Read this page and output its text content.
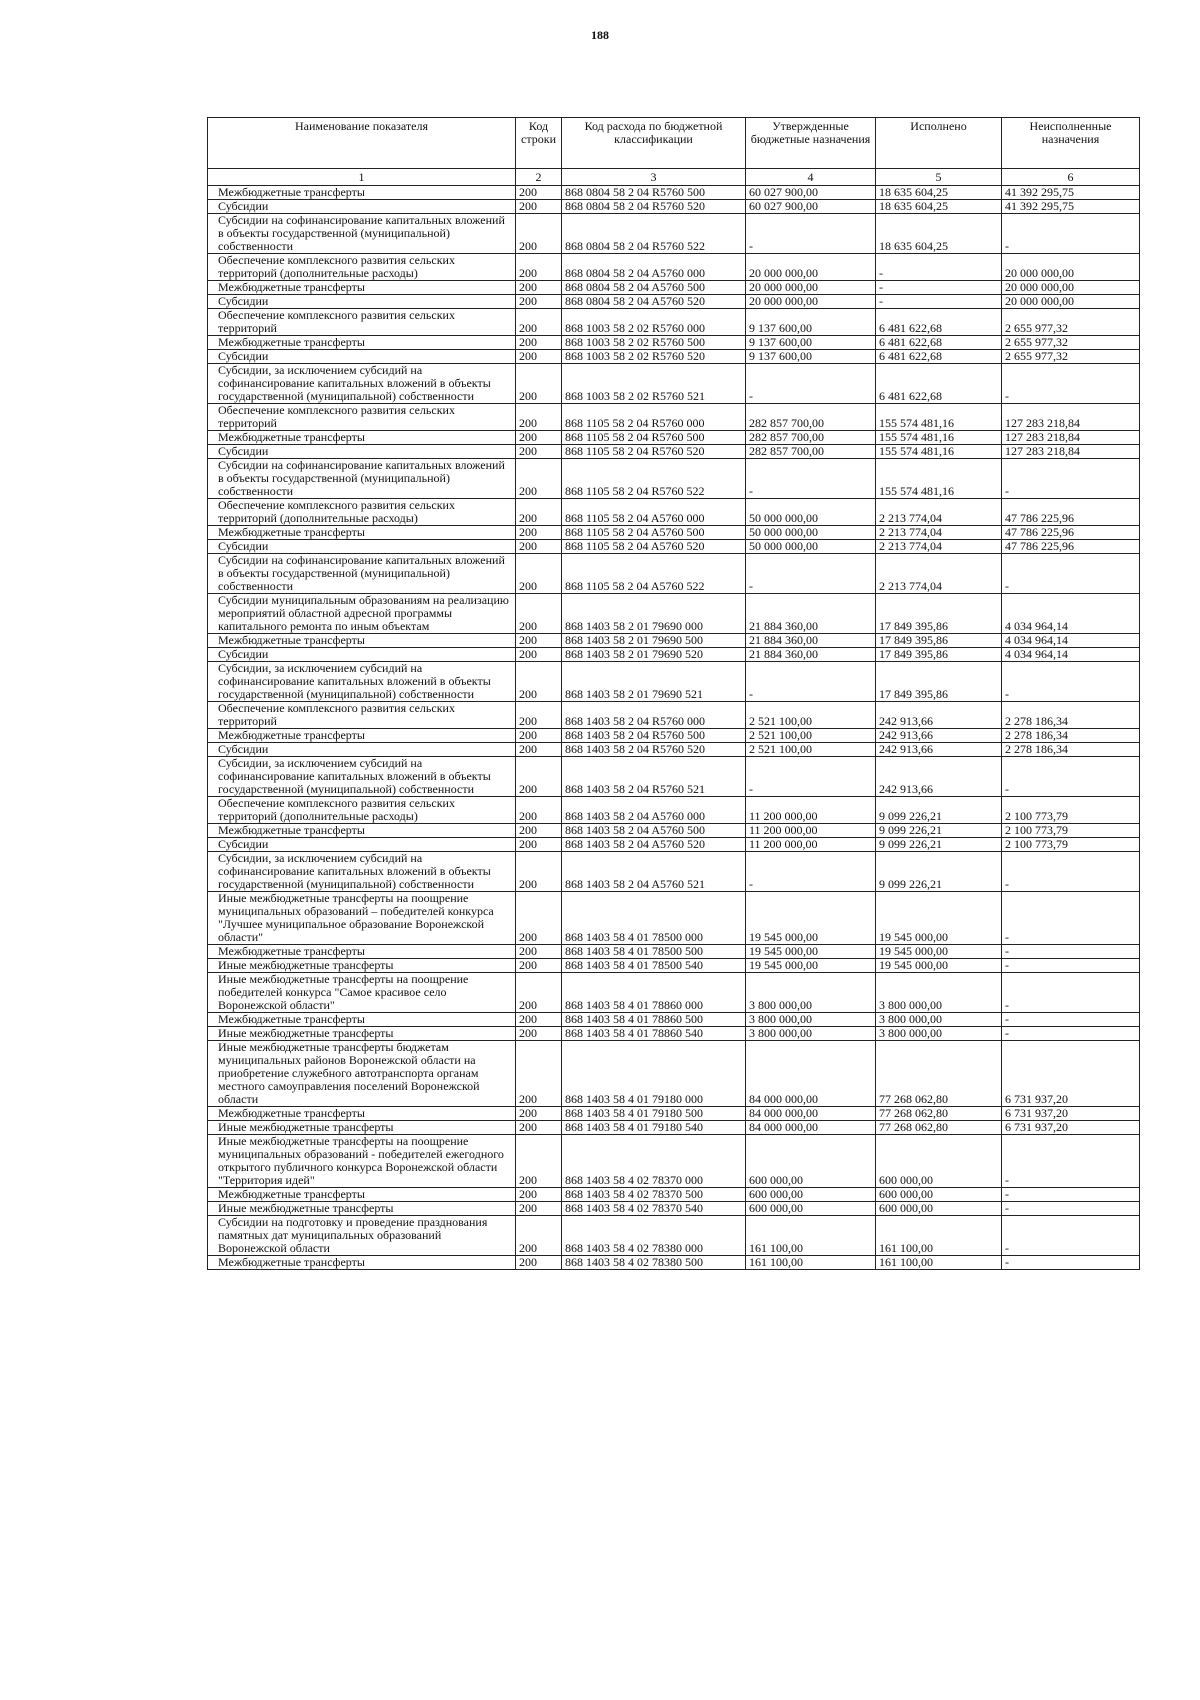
188
Наименование показателя	Код строки	Код расхода по бюджетной классификации	Утвержденные бюджетные назначения	Исполнено	Неисполненные назначения
1	2	3	4	5	6
Межбюджетные трансферты	200	868 0804 58 2 04 R5760 500	60 027 900,00	18 635 604,25	41 392 295,75
Субсидии	200	868 0804 58 2 04 R5760 520	60 027 900,00	18 635 604,25	41 392 295,75
Субсидии на софинансирование капитальных вложений в объекты государственной (муниципальной) собственности	200	868 0804 58 2 04 R5760 522	-	18 635 604,25	-
Обеспечение комплексного развития сельских территорий (дополнительные расходы)	200	868 0804 58 2 04 A5760 000	20 000 000,00	-	20 000 000,00
Межбюджетные трансферты	200	868 0804 58 2 04 A5760 500	20 000 000,00	-	20 000 000,00
Субсидии	200	868 0804 58 2 04 A5760 520	20 000 000,00	-	20 000 000,00
Обеспечение комплексного развития сельских территорий	200	868 1003 58 2 02 R5760 000	9 137 600,00	6 481 622,68	2 655 977,32
Межбюджетные трансферты	200	868 1003 58 2 02 R5760 500	9 137 600,00	6 481 622,68	2 655 977,32
Субсидии	200	868 1003 58 2 02 R5760 520	9 137 600,00	6 481 622,68	2 655 977,32
Субсидии, за исключением субсидий на софинансирование капитальных вложений в объекты государственной (муниципальной) собственности	200	868 1003 58 2 02 R5760 521	-	6 481 622,68	-
Обеспечение комплексного развития сельских территорий	200	868 1105 58 2 04 R5760 000	282 857 700,00	155 574 481,16	127 283 218,84
Межбюджетные трансферты	200	868 1105 58 2 04 R5760 500	282 857 700,00	155 574 481,16	127 283 218,84
Субсидии	200	868 1105 58 2 04 R5760 520	282 857 700,00	155 574 481,16	127 283 218,84
Субсидии на софинансирование капитальных вложений в объекты государственной (муниципальной) собственности	200	868 1105 58 2 04 R5760 522	-	155 574 481,16	-
Обеспечение комплексного развития сельских территорий (дополнительные расходы)	200	868 1105 58 2 04 A5760 000	50 000 000,00	2 213 774,04	47 786 225,96
Межбюджетные трансферты	200	868 1105 58 2 04 A5760 500	50 000 000,00	2 213 774,04	47 786 225,96
Субсидии	200	868 1105 58 2 04 A5760 520	50 000 000,00	2 213 774,04	47 786 225,96
Субсидии на софинансирование капитальных вложений в объекты государственной (муниципальной) собственности	200	868 1105 58 2 04 A5760 522	-	2 213 774,04	-
Субсидии муниципальным образованиям на реализацию мероприятий областной адресной программы капитального ремонта по иным объектам	200	868 1403 58 2 01 79690 000	21 884 360,00	17 849 395,86	4 034 964,14
Межбюджетные трансферты	200	868 1403 58 2 01 79690 500	21 884 360,00	17 849 395,86	4 034 964,14
Субсидии	200	868 1403 58 2 01 79690 520	21 884 360,00	17 849 395,86	4 034 964,14
Субсидии, за исключением субсидий на софинансирование капитальных вложений в объекты государственной (муниципальной) собственности	200	868 1403 58 2 01 79690 521	-	17 849 395,86	-
Обеспечение комплексного развития сельских территорий	200	868 1403 58 2 04 R5760 000	2 521 100,00	242 913,66	2 278 186,34
Межбюджетные трансферты	200	868 1403 58 2 04 R5760 500	2 521 100,00	242 913,66	2 278 186,34
Субсидии	200	868 1403 58 2 04 R5760 520	2 521 100,00	242 913,66	2 278 186,34
Субсидии, за исключением субсидий на софинансирование капитальных вложений в объекты государственной (муниципальной) собственности	200	868 1403 58 2 04 R5760 521	-	242 913,66	-
Обеспечение комплексного развития сельских территорий (дополнительные расходы)	200	868 1403 58 2 04 A5760 000	11 200 000,00	9 099 226,21	2 100 773,79
Межбюджетные трансферты	200	868 1403 58 2 04 A5760 500	11 200 000,00	9 099 226,21	2 100 773,79
Субсидии	200	868 1403 58 2 04 A5760 520	11 200 000,00	9 099 226,21	2 100 773,79
Субсидии, за исключением субсидий на софинансирование капитальных вложений в объекты государственной (муниципальной) собственности	200	868 1403 58 2 04 A5760 521	-	9 099 226,21	-
Иные межбюджетные трансферты на поощрение муниципальных образований – победителей конкурса "Лучшее муниципальное образование Воронежской области"	200	868 1403 58 4 01 78500 000	19 545 000,00	19 545 000,00	-
Межбюджетные трансферты	200	868 1403 58 4 01 78500 500	19 545 000,00	19 545 000,00	-
Иные межбюджетные трансферты	200	868 1403 58 4 01 78500 540	19 545 000,00	19 545 000,00	-
Иные межбюджетные трансферты на поощрение победителей конкурса "Самое красивое село Воронежской области"	200	868 1403 58 4 01 78860 000	3 800 000,00	3 800 000,00	-
Межбюджетные трансферты	200	868 1403 58 4 01 78860 500	3 800 000,00	3 800 000,00	-
Иные межбюджетные трансферты	200	868 1403 58 4 01 78860 540	3 800 000,00	3 800 000,00	-
Иные межбюджетные трансферты бюджетам муниципальных районов Воронежской области на приобретение служебного автотранспорта органам местного самоуправления поселений Воронежской области	200	868 1403 58 4 01 79180 000	84 000 000,00	77 268 062,80	6 731 937,20
Межбюджетные трансферты	200	868 1403 58 4 01 79180 500	84 000 000,00	77 268 062,80	6 731 937,20
Иные межбюджетные трансферты	200	868 1403 58 4 01 79180 540	84 000 000,00	77 268 062,80	6 731 937,20
Иные межбюджетные трансферты на поощрение муниципальных образований - победителей ежегодного открытого публичного конкурса Воронежской области "Территория идей"	200	868 1403 58 4 02 78370 000	600 000,00	600 000,00	-
Межбюджетные трансферты	200	868 1403 58 4 02 78370 500	600 000,00	600 000,00	-
Иные межбюджетные трансферты	200	868 1403 58 4 02 78370 540	600 000,00	600 000,00	-
Субсидии на подготовку и проведение празднования памятных дат муниципальных образований Воронежской области	200	868 1403 58 4 02 78380 000	161 100,00	161 100,00	-
Межбюджетные трансферты	200	868 1403 58 4 02 78380 500	161 100,00	161 100,00	-
